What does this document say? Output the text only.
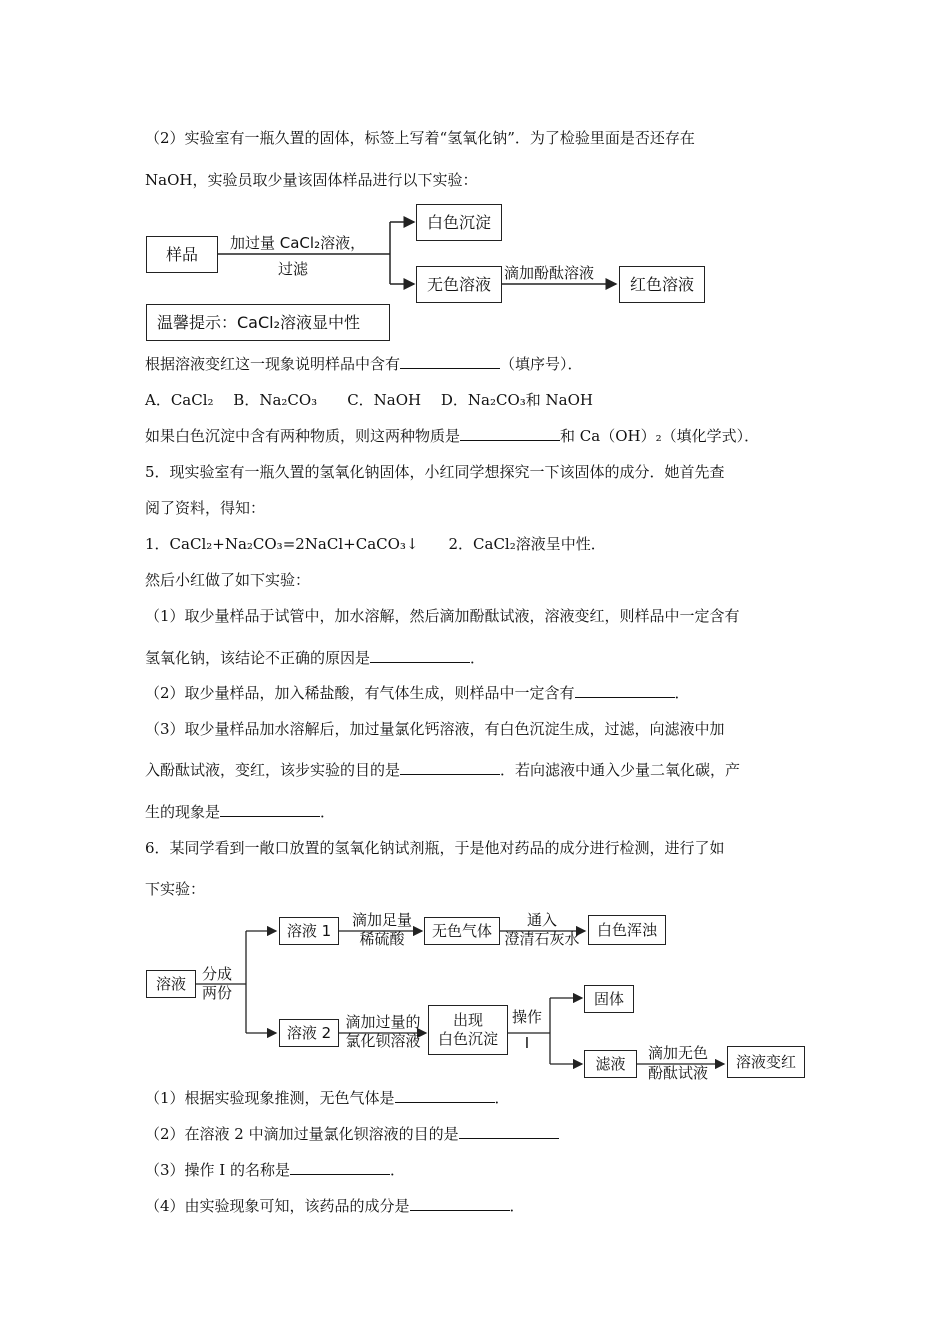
（2）实验室有一瓶久置的固体，标签上写着“氢氧化钠”．为了检验里面是否还存在
NaOH，实验员取少量该固体样品进行以下实验：
样品
加过量 CaCl₂溶液，
过滤
白色沉淀
无色溶液
滴加酚酞溶液
红色溶液
温馨提示：CaCl₂溶液显中性
根据溶液变红这一现象说明样品中含有	（填序号）．
A．CaCl₂　 B．Na₂CO₃　　C．NaOH　 D．Na₂CO₃和 NaOH
如果白色沉淀中含有两种物质，则这两种物质是	和 Ca（OH）₂（填化学式）．
5．现实验室有一瓶久置的氢氧化钠固体，小红同学想探究一下该固体的成分．她首先查
阅了资料，得知：
1．CaCl₂+Na₂CO₃=2NaCl+CaCO₃↓　　2．CaCl₂溶液呈中性．
然后小红做了如下实验：
（1）取少量样品于试管中，加水溶解，然后滴加酚酞试液，溶液变红，则样品中一定含有
氢氧化钠，该结论不正确的原因是	．
（2）取少量样品，加入稀盐酸，有气体生成，则样品中一定含有	．
（3）取少量样品加水溶解后，加过量氯化钙溶液，有白色沉淀生成，过滤，向滤液中加
入酚酞试液，变红，该步实验的目的是	．若向滤液中通入少量二氧化碳，产
生的现象是	．
6．某同学看到一敞口放置的氢氧化钠试剂瓶，于是他对药品的成分进行检测，进行了如
下实验：
溶液
分成
两份
溶液 1
滴加足量
稀硫酸	无色气体
通入
澄清石灰水
白色浑浊
溶液 2
滴加过量的
氯化钡溶液
出现
白色沉淀
操作
I
固体
滤液
滴加无色
酚酞试液
溶液变红
（1）根据实验现象推测，无色气体是	．
（2）在溶液 2 中滴加过量氯化钡溶液的目的是
（3）操作 I 的名称是	．
（4）由实验现象可知，该药品的成分是	．
